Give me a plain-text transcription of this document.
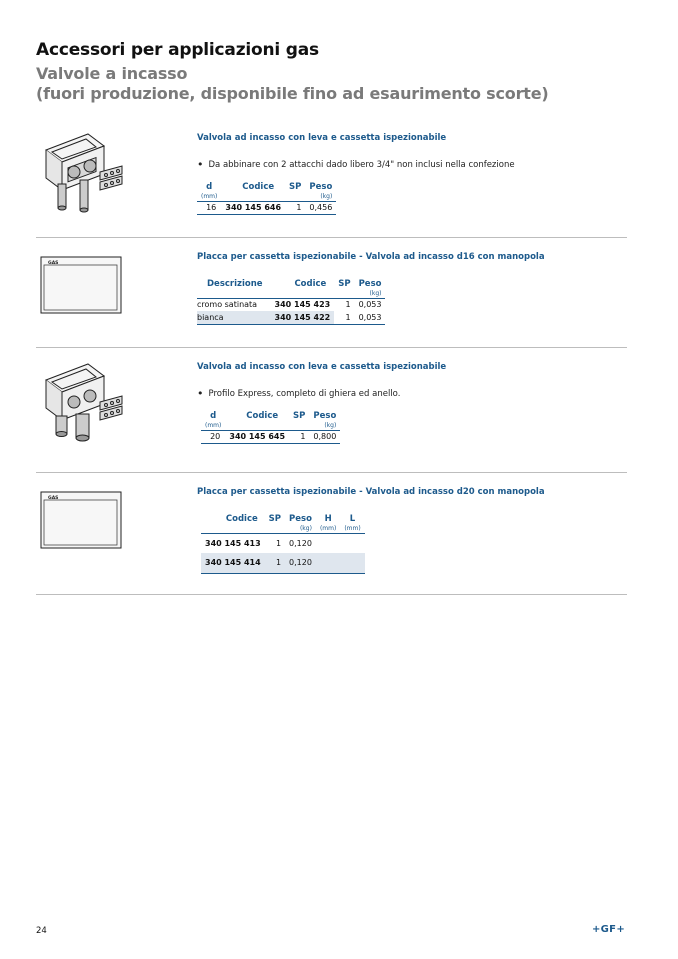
Accessori per applicazioni gas
Valvole a incasso
(fuori produzione, disponibile fino ad esaurimento scorte)
Valvola ad incasso con leva e cassetta ispezionabile
• Da abbinare con 2 attacchi dado libero 3/4" non inclusi nella confezione
d	Codice	SP	Peso
(mm)			(kg)
16	340 145 646	1	0,456
GAS
Placca per cassetta ispezionabile - Valvola ad incasso d16 con manopola
Descrizione	Codice	SP	Peso
			(kg)
cromo satinata	340 145 423	1	0,053
bianca	340 145 422	1	0,053
Valvola ad incasso con leva e cassetta ispezionabile
• Profilo Express, completo di ghiera ed anello.
d	Codice	SP	Peso
(mm)			(kg)
20	340 145 645	1	0,800
GAS
Placca per cassetta ispezionabile - Valvola ad incasso d20 con manopola
Codice	SP	Peso	H	L
		(kg)	(mm)	(mm)
340 145 413	1	0,120		
340 145 414	1	0,120		
24	+GF+
